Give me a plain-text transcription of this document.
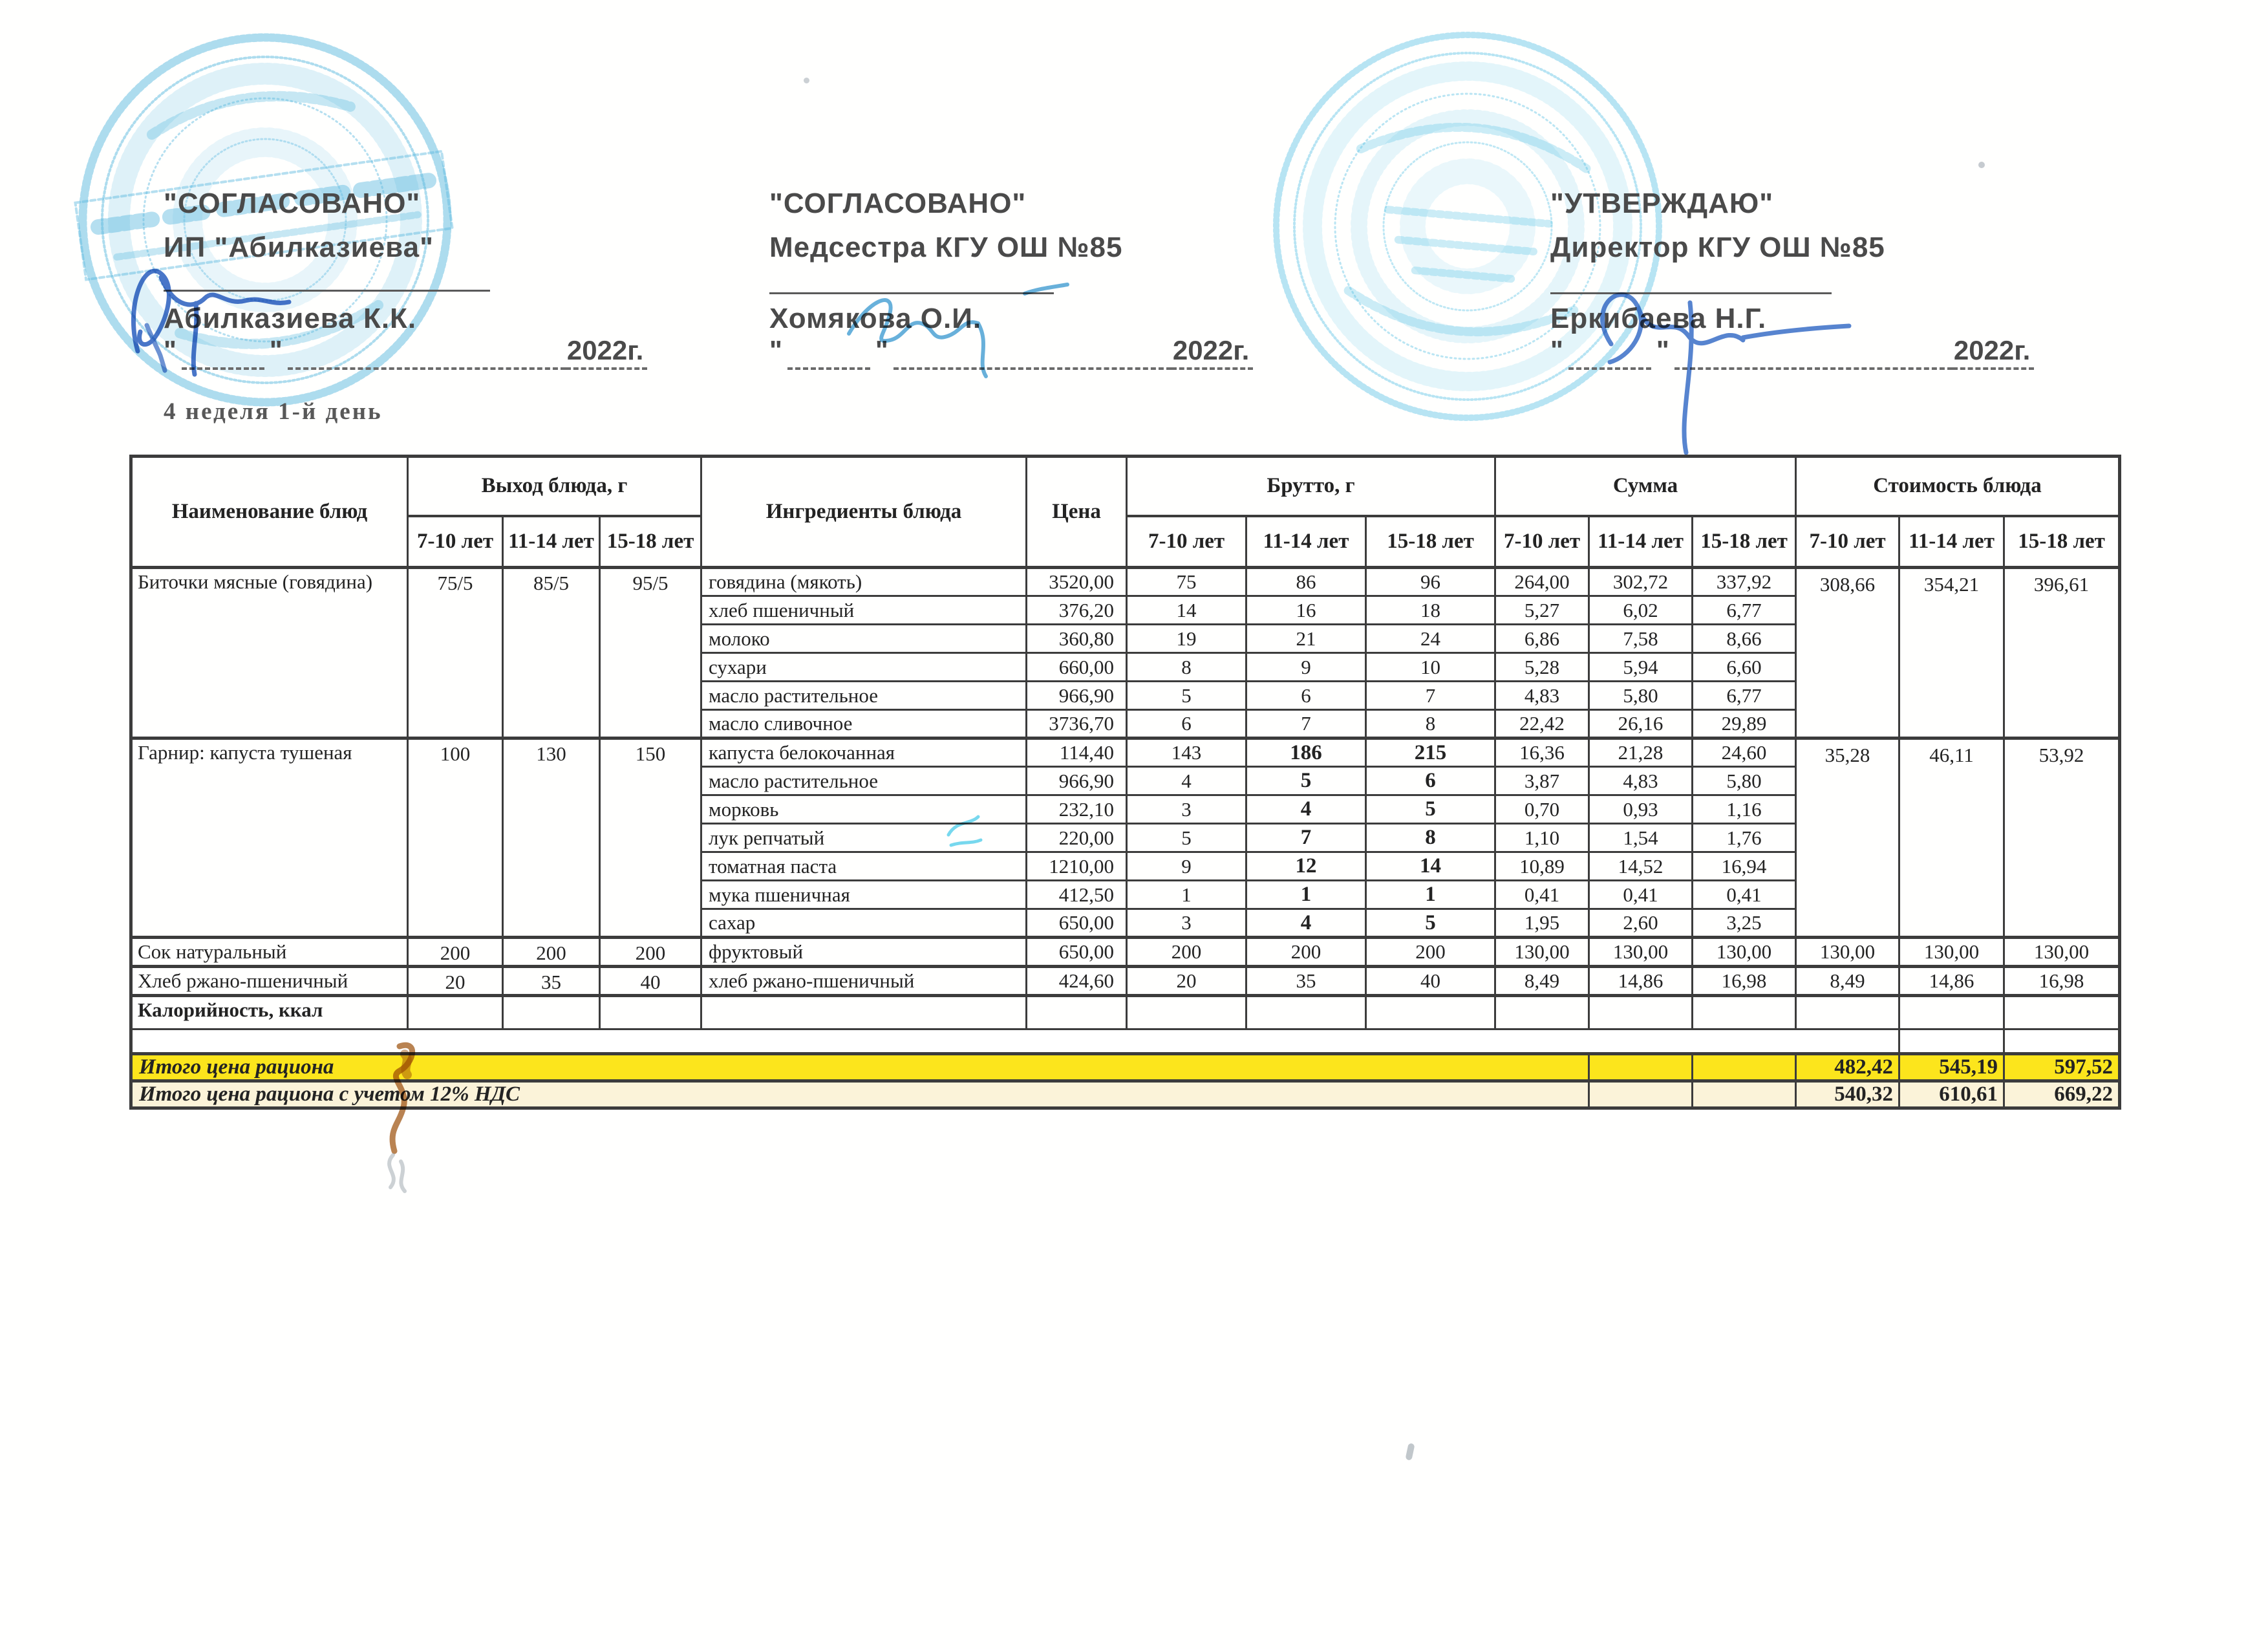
"СОГЛАСОВАНО"
ИП "Абилказиева"
Абилказиева К.К.
"	"	2022г.
"СОГЛАСОВАНО"
Медсестра КГУ ОШ №85
Хомякова О.И.
"	"	2022г.
"УТВЕРЖДАЮ"
Директор КГУ ОШ №85
Еркибаева Н.Г.
"	"	2022г.
4 неделя 1-й день
Наименование блюд	Выход блюда, г			Ингредиенты блюда	Цена	Брутто, г			Сумма			Стоимость блюда		
	7-10 лет	11-14 лет	15-18 лет			7-10 лет	11-14 лет	15-18 лет	7-10 лет	11-14 лет	15-18 лет	7-10 лет	11-14 лет	15-18 лет
Биточки мясные (говядина)	75/5	85/5	95/5	говядина (мякоть)	3520,00	75	86	96	264,00	302,72	337,92	308,66	354,21	396,61
				хлеб пшеничный	376,20	14	16	18	5,27	6,02	6,77			
				молоко	360,80	19	21	24	6,86	7,58	8,66			
				сухари	660,00	8	9	10	5,28	5,94	6,60			
				масло растительное	966,90	5	6	7	4,83	5,80	6,77			
				масло сливочное	3736,70	6	7	8	22,42	26,16	29,89			
Гарнир: капуста тушеная	100	130	150	капуста белокочанная	114,40	143	186	215	16,36	21,28	24,60	35,28	46,11	53,92
				масло растительное	966,90	4	5	6	3,87	4,83	5,80			
				морковь	232,10	3	4	5	0,70	0,93	1,16			
				лук репчатый	220,00	5	7	8	1,10	1,54	1,76			
				томатная паста	1210,00	9	12	14	10,89	14,52	16,94			
				мука пшеничная	412,50	1	1	1	0,41	0,41	0,41			
				сахар	650,00	3	4	5	1,95	2,60	3,25			
Сок натуральный	200	200	200	фруктовый	650,00	200	200	200	130,00	130,00	130,00	130,00	130,00	130,00
Хлеб ржано-пшеничный	20	35	40	хлеб ржано-пшеничный	424,60	20	35	40	8,49	14,86	16,98	8,49	14,86	16,98
Калорийность, ккал														

Итого цена рациона												482,42	545,19	597,52
Итого цена рациона с учетом 12% НДС												540,32	610,61	669,22
